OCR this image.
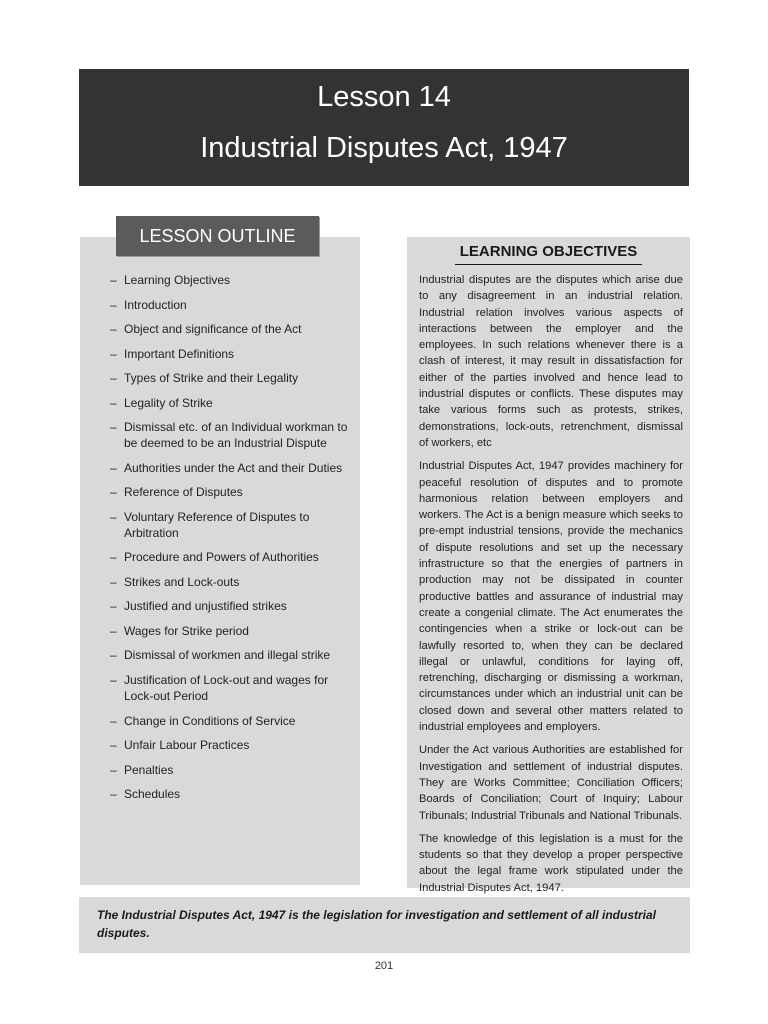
Lesson 14
Industrial Disputes Act, 1947
– Learning Objectives
– Introduction
– Object and significance of the Act
– Important Definitions
– Types of Strike and their Legality
– Legality of Strike
– Dismissal etc. of an Individual workman to be deemed to be an Industrial Dispute
– Authorities under the Act and their Duties
– Reference of Disputes
– Voluntary Reference of Disputes to Arbitration
– Procedure and Powers of Authorities
– Strikes and Lock-outs
– Justified and unjustified strikes
– Wages for Strike period
– Dismissal of workmen and illegal strike
– Justification of Lock-out and wages for Lock-out Period
– Change in Conditions of Service
– Unfair Labour Practices
– Penalties
– Schedules
LESSON OUTLINE
LEARNING OBJECTIVES

Industrial disputes are the disputes which arise due to any disagreement in an industrial relation. Industrial relation involves various aspects of interactions between the employer and the employees. In such relations whenever there is a clash of interest, it may result in dissatisfaction for either of the parties involved and hence lead to industrial disputes or conflicts. These disputes may take various forms such as protests, strikes, demonstrations, lock-outs, retrenchment, dismissal of workers, etc

Industrial Disputes Act, 1947 provides machinery for peaceful resolution of disputes and to promote harmonious relation between employers and workers. The Act is a benign measure which seeks to pre-empt industrial tensions, provide the mechanics of dispute resolutions and set up the necessary infrastructure so that the energies of partners in production may not be dissipated in counter productive battles and assurance of industrial may create a congenial climate. The Act enumerates the contingencies when a strike or lock-out can be lawfully resorted to, when they can be declared illegal or unlawful, conditions for laying off, retrenching, discharging or dismissing a workman, circumstances under which an industrial unit can be closed down and several other matters related to industrial employees and employers.

Under the Act various Authorities are established for Investigation and settlement of industrial disputes. They are Works Committee; Conciliation Officers; Boards of Conciliation; Court of Inquiry; Labour Tribunals; Industrial Tribunals and National Tribunals.

The knowledge of this legislation is a must for the students so that they develop a proper perspective about the legal frame work stipulated under the Industrial Disputes Act, 1947.

The Industrial Disputes Act, 1947 is the legislation for investigation and settlement of all industrial disputes.

201
